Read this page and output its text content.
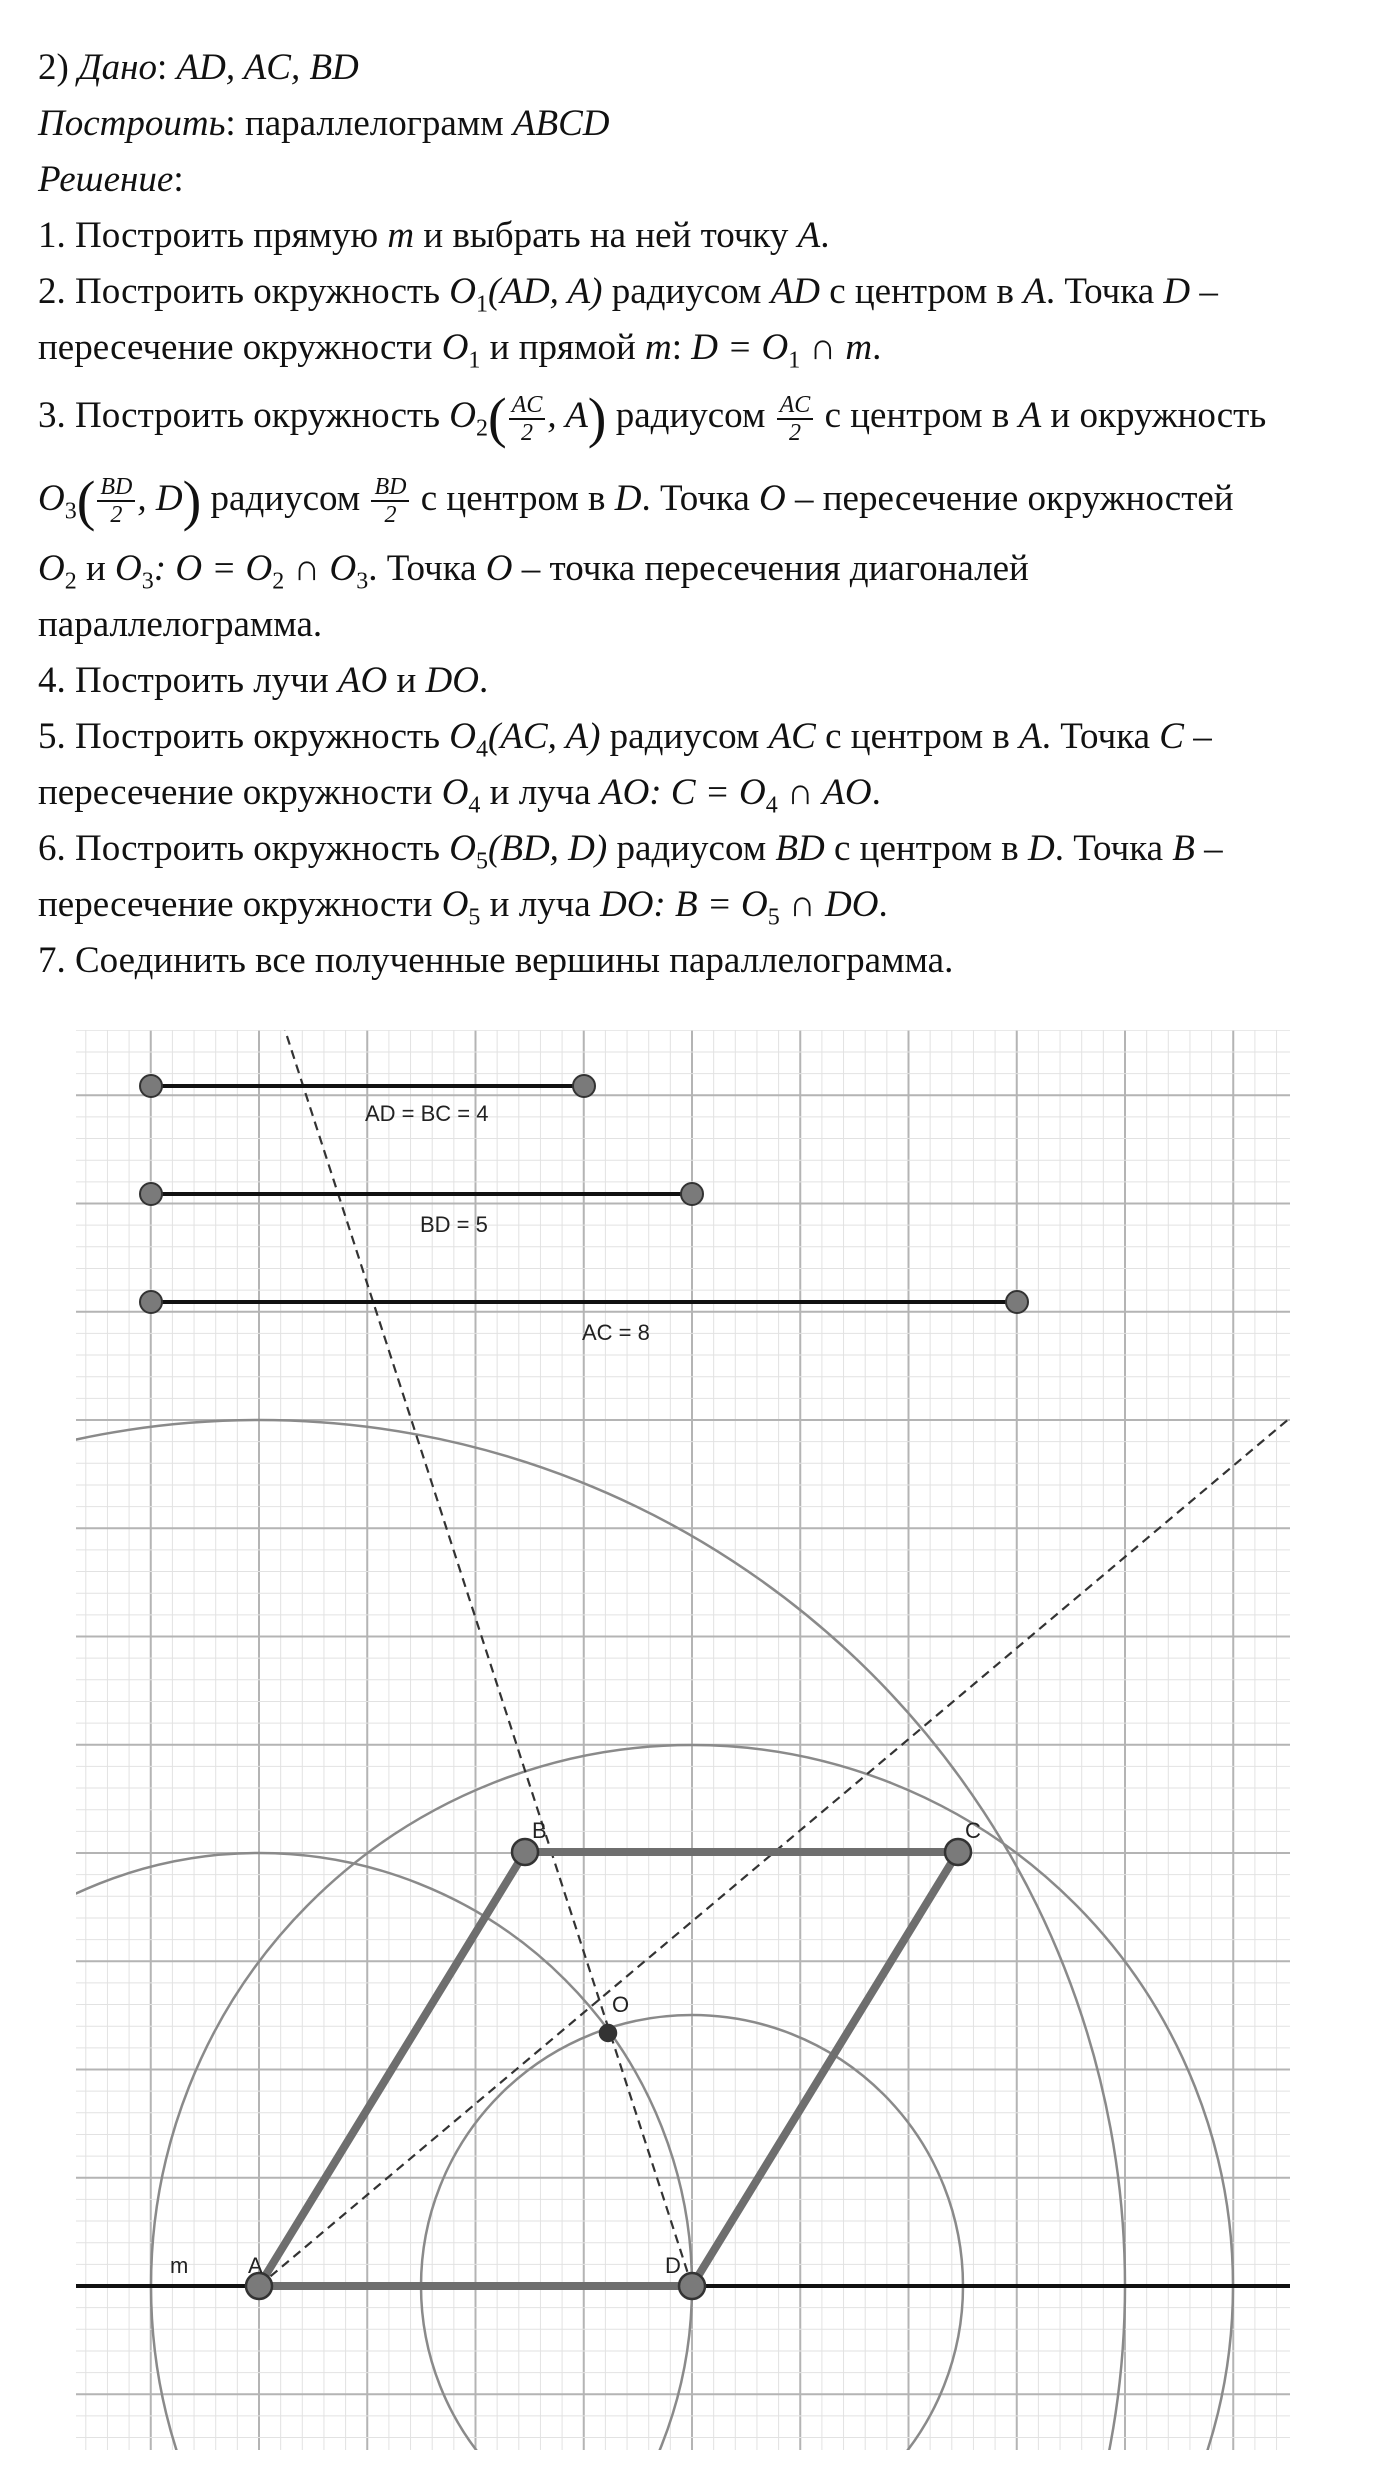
2) Дано: AD, AC, BD
Построить: параллелограмм ABCD
Решение:
1. Построить прямую m и выбрать на ней точку A.
2. Построить окружность $O_1(AD$, A) радиусом AD с центром в A. Точка D –
пересечение окружности $O_1$ и прямой m: $D = O_1$ ∩ m.
3. Построить окружность $O_2( \frac{AC}{2}$ , A) радиусом $\frac{AC}{2}$ с центром в A и окружность
$O_3( \frac{BD}{2}$ , D) радиусом $\frac{BD}{2}$ с центром в D. Точка O – пересечение окружностей
$O_2$ и $O_3$: $O = O_2$ ∩ $O_3$. Точка O – точка пересечения диагоналей
параллелограмма.
4. Построить лучи AO и DO.
5. Построить окружность $O_4(AC$, A) радиусом AC с центром в A. Точка C –
пересечение окружности $O_4$ и луча AO: $C = O_4$ ∩ AO.
6. Построить окружность $O_5(BD$, D) радиусом BD с центром в D. Точка B –
пересечение окружности $O_5$ и луча DO: $B = O_5$ ∩ DO.
7. Соединить все полученные вершины параллелограмма.
AD = BC = 4
BD = 5
AC = 8
A
B	C
D
O
m
